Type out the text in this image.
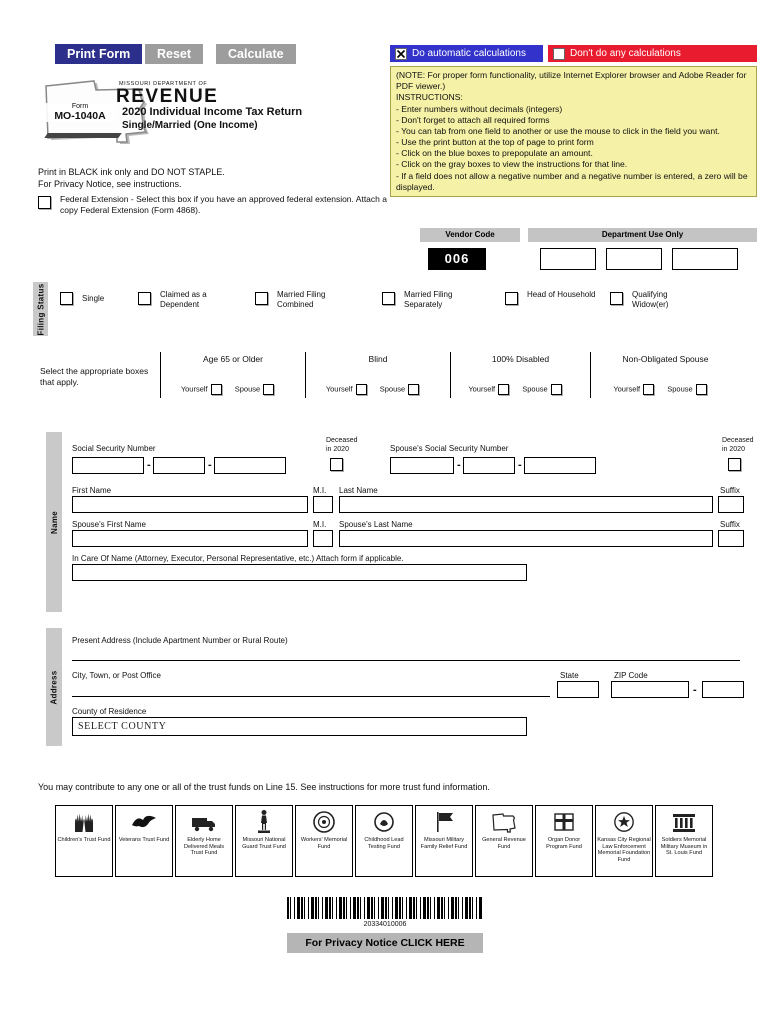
Print Form	Reset	Calculate	Do automatic calculations	Don't do any calculations
(NOTE: For proper form functionality, utilize Internet Explorer browser and Adobe Reader for PDF viewer.)
INSTRUCTIONS:
- Enter numbers without decimals (integers)
- Don't forget to attach all required forms
- You can tab from one field to another or use the mouse to click in the field you want.
- Use the print button at the top of page to print form
- Click on the blue boxes to prepopulate an amount.
- Click on the gray boxes to view the instructions for that line.
- If a field does not allow a negative number and a negative number is entered, a zero will be displayed.
MISSOURI DEPARTMENT OF
REVENUE
Form
MO-1040A	2020 Individual Income Tax Return
Single/Married (One Income)
Print in BLACK ink only and DO NOT STAPLE.
For Privacy Notice, see instructions.
Federal Extension - Select this box if you have an approved federal extension. Attach a copy Federal Extension (Form 4868).
Vendor Code	Department Use Only
006
Filing Status	Single	Claimed as a Dependent
Married Filing Combined
Married Filing Separately
Head of Household	Qualifying Widow(er)
Select the appropriate boxes that apply.
Age 65 or Older
Yourself	Spouse
Blind
Yourself	Spouse
100% Disabled
Yourself	Spouse
Non-Obligated Spouse
Yourself	Spouse
Name
Social Security Number
Deceased
in 2020	Spouse's Social Security Number
Deceased
in 2020
-	-	-	-
First Name	M.I. Last Name	Suffix
Spouse's First Name	M.I. Spouse's Last Name	Suffix
In Care Of Name (Attorney, Executor, Personal Representative, etc.) Attach form if applicable.
Address
Present Address (Include Apartment Number or Rural Route)
City, Town, or Post Office	State	ZIP Code
-
County of Residence
SELECT COUNTY
You may contribute to any one or all of the trust funds on Line 15. See instructions for more trust fund information.
Children's Trust Fund Veterans Trust Fund	Elderly Home Delivered Meals Trust Fund
Missouri National Guard Trust Fund
Workers' Memorial Fund
Childhood Lead Testing Fund
Missouri Military Family Relief Fund
General Revenue Fund
Organ Donor Program Fund
Kansas City Regional Law Enforcement Memorial Foundation Fund
Soldiers Memorial Military Museum in St. Louis Fund
20334010006
For Privacy Notice CLICK HERE
